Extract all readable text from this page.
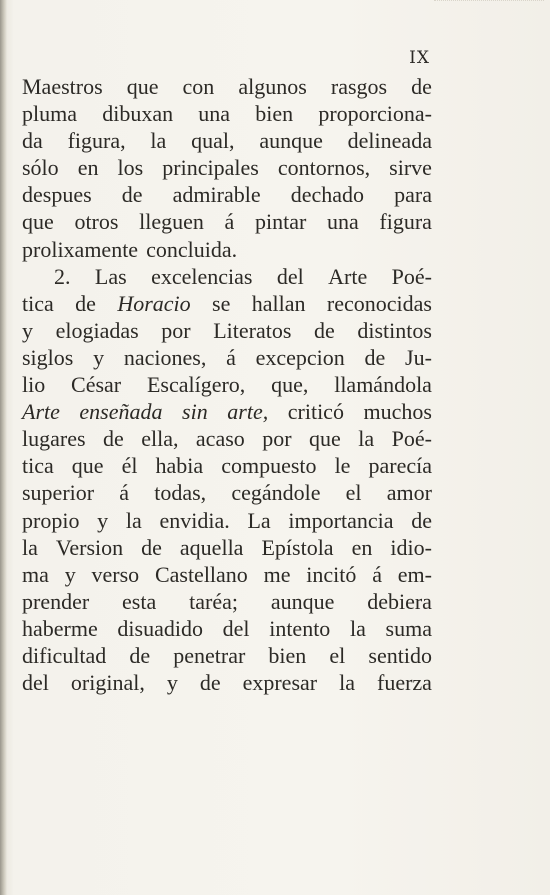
IX
Maestros que con algunos rasgos de
pluma dibuxan una bien proporciona-
da figura, la qual, aunque delineada
sólo en los principales contornos, sirve
despues de admirable dechado para
que otros lleguen á pintar una figura
prolixamente concluida.
2. Las excelencias del Arte Poé-
tica de Horacio se hallan reconocidas
y elogiadas por Literatos de distintos
siglos y naciones, á excepcion de Ju-
lio César Escalígero, que, llamándola
Arte enseñada sin arte, criticó muchos
lugares de ella, acaso por que la Poé-
tica que él habia compuesto le parecía
superior á todas, cegándole el amor
propio y la envidia. La importancia de
la Version de aquella Epístola en idio-
ma y verso Castellano me incitó á em-
prender esta taréa; aunque debiera
haberme disuadido del intento la suma
dificultad de penetrar bien el sentido
del original, y de expresar la fuerza
